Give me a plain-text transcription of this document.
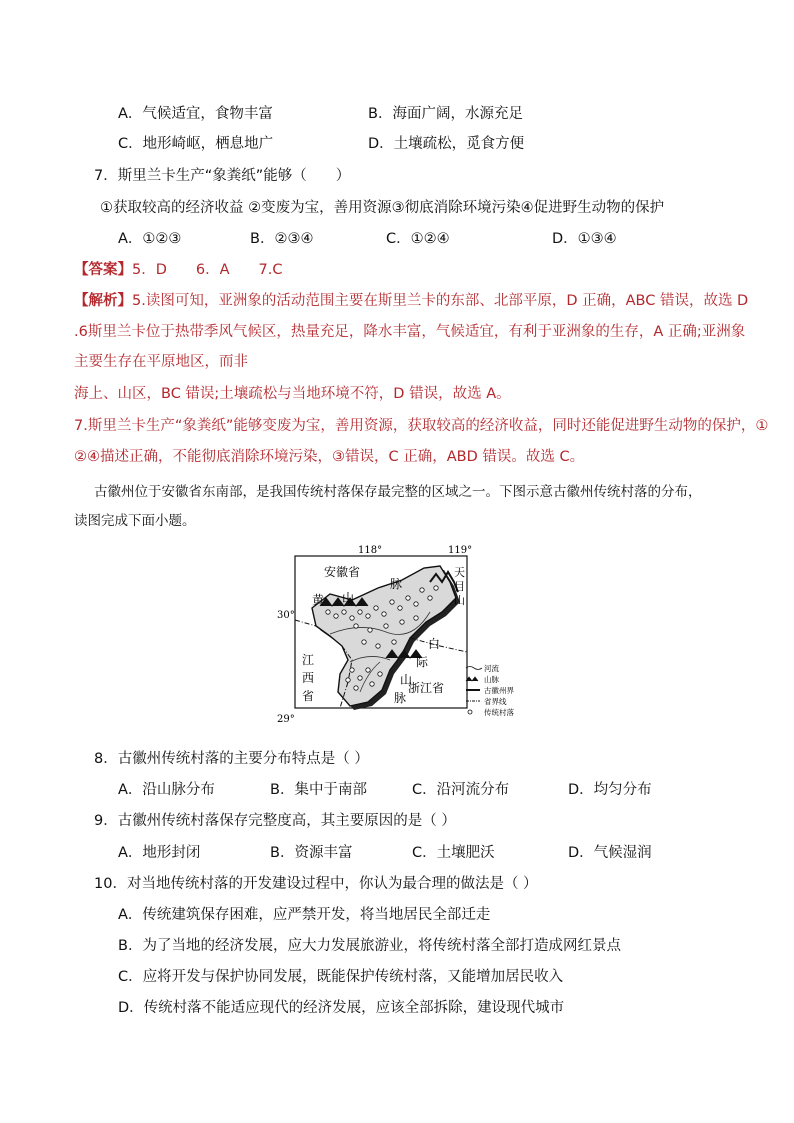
A．气候适宜，食物丰富	B．海面广阔，水源充足
C．地形崎岖，栖息地广	D．土壤疏松，觅食方便
7．斯里兰卡生产“象粪纸”能够（　　）
①获取较高的经济收益 ②变废为宝，善用资源③彻底消除环境污染④促进野生动物的保护
A．①②③	B．②③④	C．①②④	D．①③④
【答案】5．D　　6．A　　7.C
【解析】5.读图可知，亚洲象的活动范围主要在斯里兰卡的东部、北部平原，D 正确，ABC 错误，故选 D
.6斯里兰卡位于热带季风气候区，热量充足，降水丰富，气候适宜，有利于亚洲象的生存，A 正确;亚洲象
主要生存在平原地区，而非
海上、山区，BC 错误;土壤疏松与当地环境不符，D 错误，故选 A。
7.斯里兰卡生产“象粪纸”能够变废为宝，善用资源，获取较高的经济收益，同时还能促进野生动物的保护，①
②④描述正确，不能彻底消除环境污染，③错误，C 正确，ABD 错误。故选 C。
古徽州位于安徽省东南部，是我国传统村落保存最完整的区域之一。下图示意古徽州传统村落的分布，
读图完成下面小题。
118°	119°
30°
29°
安徽省
黄 山
脉
天
目
山
江
西
省
白
际
山
脉
浙江省
河流
山脉
古徽州界
省界线
传统村落
8．古徽州传统村落的主要分布特点是（ ）
A．沿山脉分布	B．集中于南部	C．沿河流分布	D．均匀分布
9．古徽州传统村落保存完整度高，其主要原因的是（ ）
A．地形封闭	B．资源丰富	C．土壤肥沃	D．气候湿润
10．对当地传统村落的开发建设过程中，你认为最合理的做法是（ ）
A．传统建筑保存困难，应严禁开发，将当地居民全部迁走
B．为了当地的经济发展，应大力发展旅游业，将传统村落全部打造成网红景点
C．应将开发与保护协同发展，既能保护传统村落，又能增加居民收入
D．传统村落不能适应现代的经济发展，应该全部拆除，建设现代城市
